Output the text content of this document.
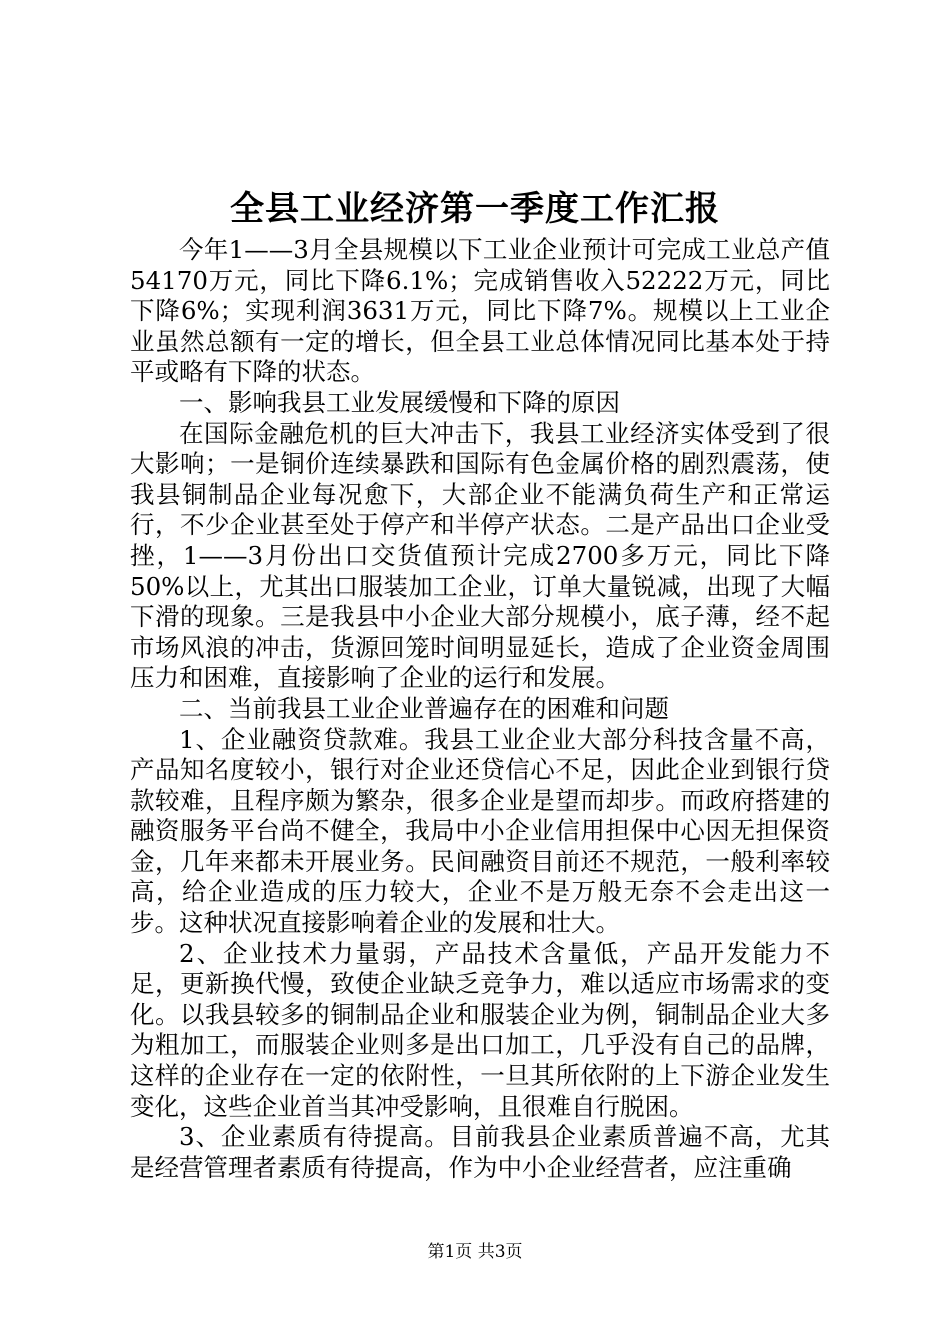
全县工业经济第一季度工作汇报

今年1——3月全县规模以下工业企业预计可完成工业总产值54170万元，同比下降6.1%；完成销售收入52222万元，同比下降6%；实现利润3631万元，同比下降7%。规模以上工业企业虽然总额有一定的增长，但全县工业总体情况同比基本处于持平或略有下降的状态。

一、影响我县工业发展缓慢和下降的原因

在国际金融危机的巨大冲击下，我县工业经济实体受到了很大影响；一是铜价连续暴跌和国际有色金属价格的剧烈震荡，使我县铜制品企业每况愈下，大部企业不能满负荷生产和正常运行，不少企业甚至处于停产和半停产状态。二是产品出口企业受挫，1——3月份出口交货值预计完成2700多万元，同比下降50%以上，尤其出口服装加工企业，订单大量锐减，出现了大幅下滑的现象。三是我县中小企业大部分规模小，底子薄，经不起市场风浪的冲击，货源回笼时间明显延长，造成了企业资金周围压力和困难，直接影响了企业的运行和发展。

二、当前我县工业企业普遍存在的困难和问题

1、企业融资贷款难。我县工业企业大部分科技含量不高，产品知名度较小，银行对企业还贷信心不足，因此企业到银行贷款较难，且程序颇为繁杂，很多企业是望而却步。而政府搭建的融资服务平台尚不健全，我局中小企业信用担保中心因无担保资金，几年来都未开展业务。民间融资目前还不规范，一般利率较高，给企业造成的压力较大，企业不是万般无奈不会走出这一步。这种状况直接影响着企业的发展和壮大。

2、企业技术力量弱，产品技术含量低，产品开发能力不足，更新换代慢，致使企业缺乏竞争力，难以适应市场需求的变化。以我县较多的铜制品企业和服装企业为例，铜制品企业大多为粗加工，而服装企业则多是出口加工，几乎没有自己的品牌，这样的企业存在一定的依附性，一旦其所依附的上下游企业发生变化，这些企业首当其冲受影响，且很难自行脱困。

3、企业素质有待提高。目前我县企业素质普遍不高，尤其是经营管理者素质有待提高，作为中小企业经营者，应注重确

第1页 共3页
